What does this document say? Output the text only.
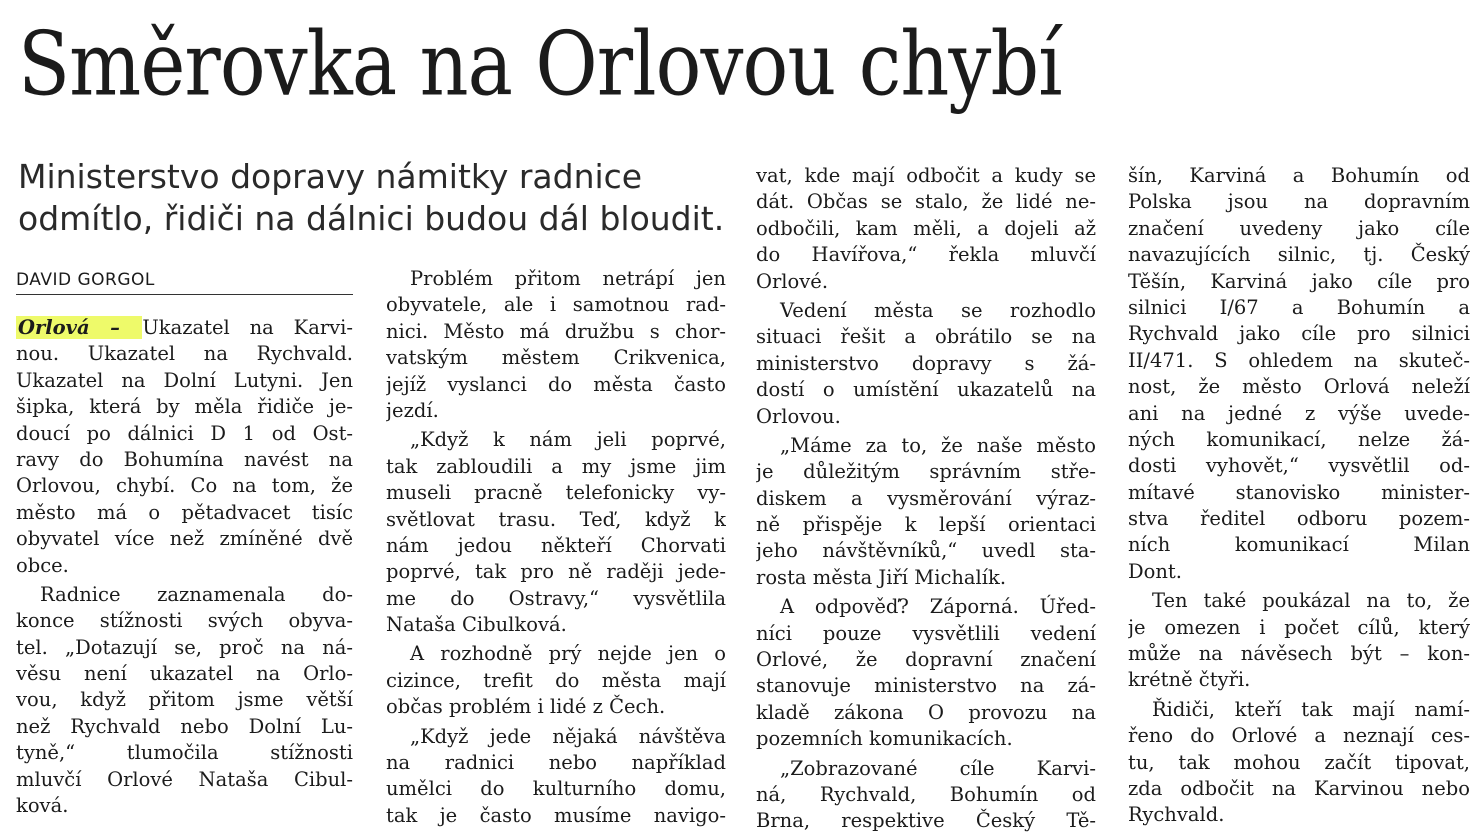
Směrovka na Orlovou chybí

Ministerstvo dopravy námitky radnice
odmítlo, řidiči na dálnici budou dál bloudit.

DAVID GORGOL
Orlová – Ukazatel na Karvi-
nou. Ukazatel na Rychvald.
Ukazatel na Dolní Lutyni. Jen
šipka, která by měla řidiče je-
doucí po dálnici D 1 od Ost-
ravy do Bohumína navést na
Orlovou, chybí. Co na tom, že
město má o pětadvacet tisíc
obyvatel více než zmíněné dvě
obce.
Radnice zaznamenala do-
konce stížnosti svých obyva-
tel. „Dotazují se, proč na ná-
věsu není ukazatel na Orlo-
vou, když přitom jsme větší
než Rychvald nebo Dolní Lu-
tyně,“ tlumočila stížnosti
mluvčí Orlové Nataša Cibul-
ková.
Problém přitom netrápí jen
obyvatele, ale i samotnou rad-
nici. Město má družbu s chor-
vatským městem Crikvenica,
jejíž vyslanci do města často
jezdí.
„Když k nám jeli poprvé,
tak zabloudili a my jsme jim
museli pracně telefonicky vy-
světlovat trasu. Teď, když k
nám jedou někteří Chorvati
poprvé, tak pro ně raději jede-
me do Ostravy,“ vysvětlila
Nataša Cibulková.
A rozhodně prý nejde jen o
cizince, trefit do města mají
občas problém i lidé z Čech.
„Když jede nějaká návštěva
na radnici nebo například
umělci do kulturního domu,
tak je často musíme navigo-
vat, kde mají odbočit a kudy se
dát. Občas se stalo, že lidé ne-
odbočili, kam měli, a dojeli až
do Havířova,“ řekla mluvčí
Orlové.
Vedení města se rozhodlo
situaci řešit a obrátilo se na
ministerstvo dopravy s žá-
dostí o umístění ukazatelů na
Orlovou.
„Máme za to, že naše město
je důležitým správním stře-
diskem a vysměrování výraz-
ně přispěje k lepší orientaci
jeho návštěvníků,“ uvedl sta-
rosta města Jiří Michalík.
A odpověď? Záporná. Úřed-
níci pouze vysvětlili vedení
Orlové, že dopravní značení
stanovuje ministerstvo na zá-
kladě zákona O provozu na
pozemních komunikacích.
„Zobrazované cíle Karvi-
ná, Rychvald, Bohumín od
Brna, respektive Český Tě-
šín, Karviná a Bohumín od
Polska jsou na dopravním
značení uvedeny jako cíle
navazujících silnic, tj. Český
Těšín, Karviná jako cíle pro
silnici I/67 a Bohumín a
Rychvald jako cíle pro silnici
II/471. S ohledem na skuteč-
nost, že město Orlová neleží
ani na jedné z výše uvede-
ných komunikací, nelze žá-
dosti vyhovět,“ vysvětlil od-
mítavé stanovisko minister-
stva ředitel odboru pozem-
ních komunikací Milan
Dont.
Ten také poukázal na to, že
je omezen i počet cílů, který
může na návěsech být – kon-
krétně čtyři.
Řidiči, kteří tak mají namí-
řeno do Orlové a neznají ces-
tu, tak mohou začít tipovat,
zda odbočit na Karvinou nebo
Rychvald.
